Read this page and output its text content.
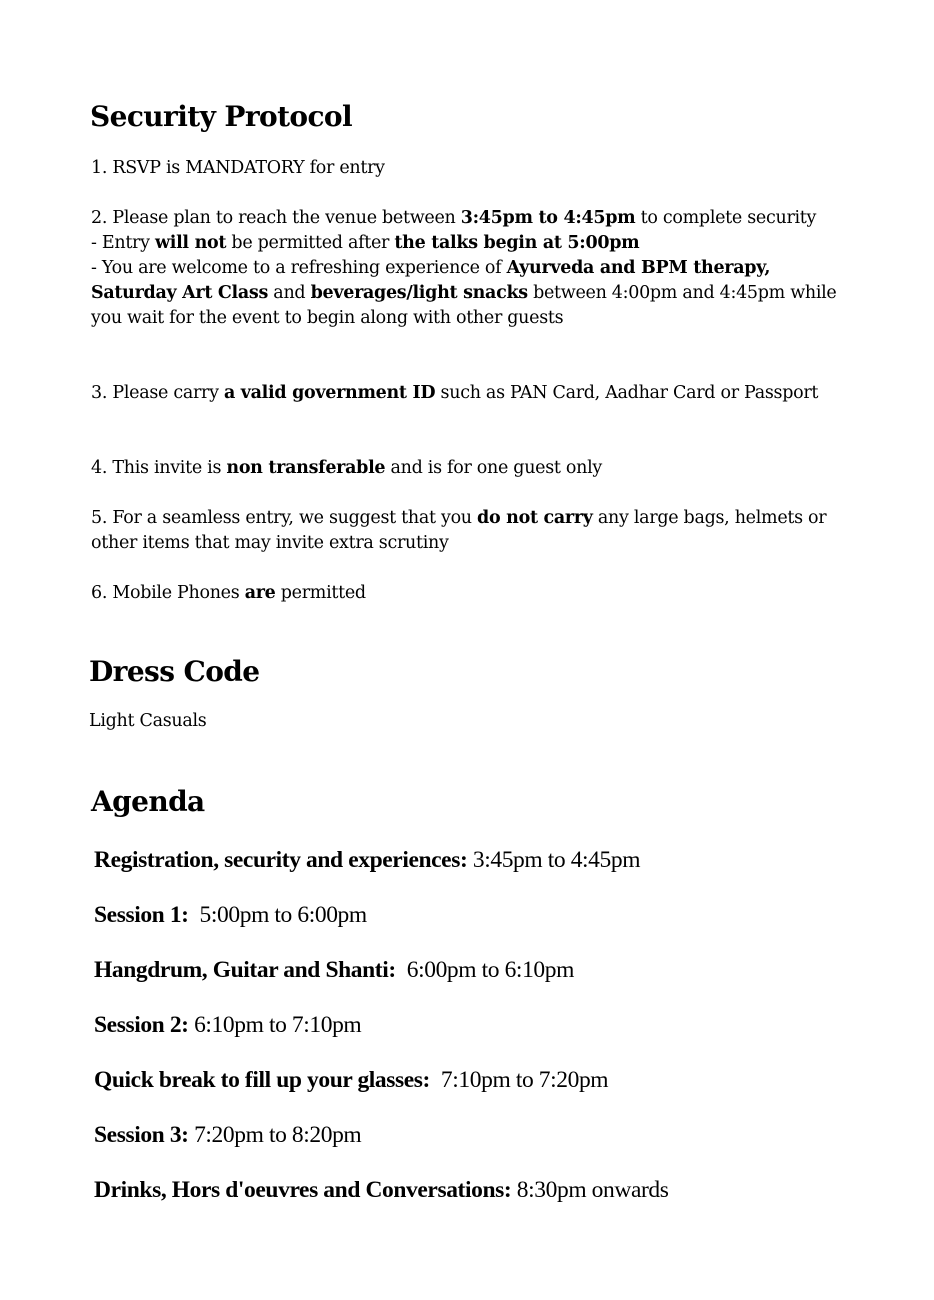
Security Protocol

1. RSVP is MANDATORY for entry

2. Please plan to reach the venue between 3:45pm to 4:45pm to complete security

- Entry will not be permitted after the talks begin at 5:00pm

- You are welcome to a refreshing experience of Ayurveda and BPM therapy, Saturday Art Class and beverages/light snacks between 4:00pm and 4:45pm while you wait for the event to begin along with other guests

3. Please carry a valid government ID such as PAN Card, Aadhar Card or Passport

4. This invite is non transferable and is for one guest only

5. For a seamless entry, we suggest that you do not carry any large bags, helmets or other items that may invite extra scrutiny

6. Mobile Phones are permitted

Dress Code
Light Casuals
Agenda
Registration, security and experiences: 3:45pm to 4:45pm
Session 1:  5:00pm to 6:00pm
Hangdrum, Guitar and Shanti:  6:00pm to 6:10pm
Session 2: 6:10pm to 7:10pm
Quick break to fill up your glasses:  7:10pm to 7:20pm
Session 3: 7:20pm to 8:20pm
Drinks, Hors d'oeuvres and Conversations: 8:30pm onwards
